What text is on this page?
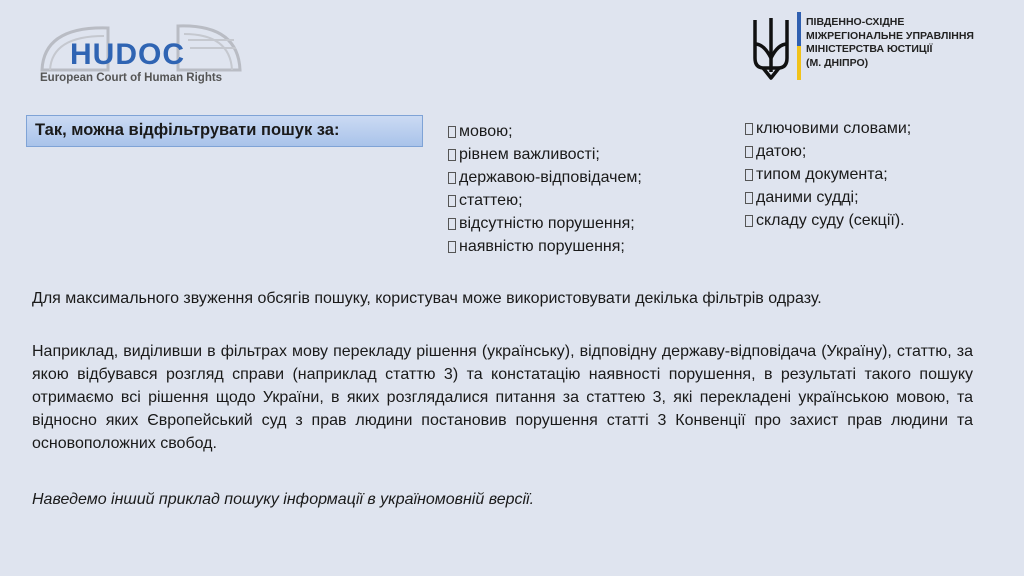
HUDOC
European Court of Human Rights
ПІВДЕННО-СХІДНЕ
МІЖРЕГІОНАЛЬНЕ УПРАВЛІННЯ
МІНІСТЕРСТВА ЮСТИЦІЇ
(М. ДНІПРО)
Так, можна відфільтрувати пошук за:	мовою;
рівнем важливості;
державою-відповідачем;
статтею;
відсутністю порушення;
наявністю порушення;
ключовими словами;
датою;
типом документа;
даними судді;
складу суду (секції).

Для максимального звуження обсягів пошуку, користувач може використовувати декілька фільтрів одразу.

Наприклад, виділивши в фільтрах мову перекладу рішення (українську), відповідну державу-відповідача (Україну), статтю, за якою відбувався розгляд справи (наприклад статтю 3) та констатацію наявності порушення, в результаті такого пошуку отримаємо всі рішення щодо України, в яких розглядалися питання за статтею 3, які перекладені українською мовою, та відносно яких Європейський суд з прав людини постановив порушення статті 3 Конвенції про захист прав людини та основоположних свобод.

Наведемо інший приклад пошуку інформації в україномовній версії.
